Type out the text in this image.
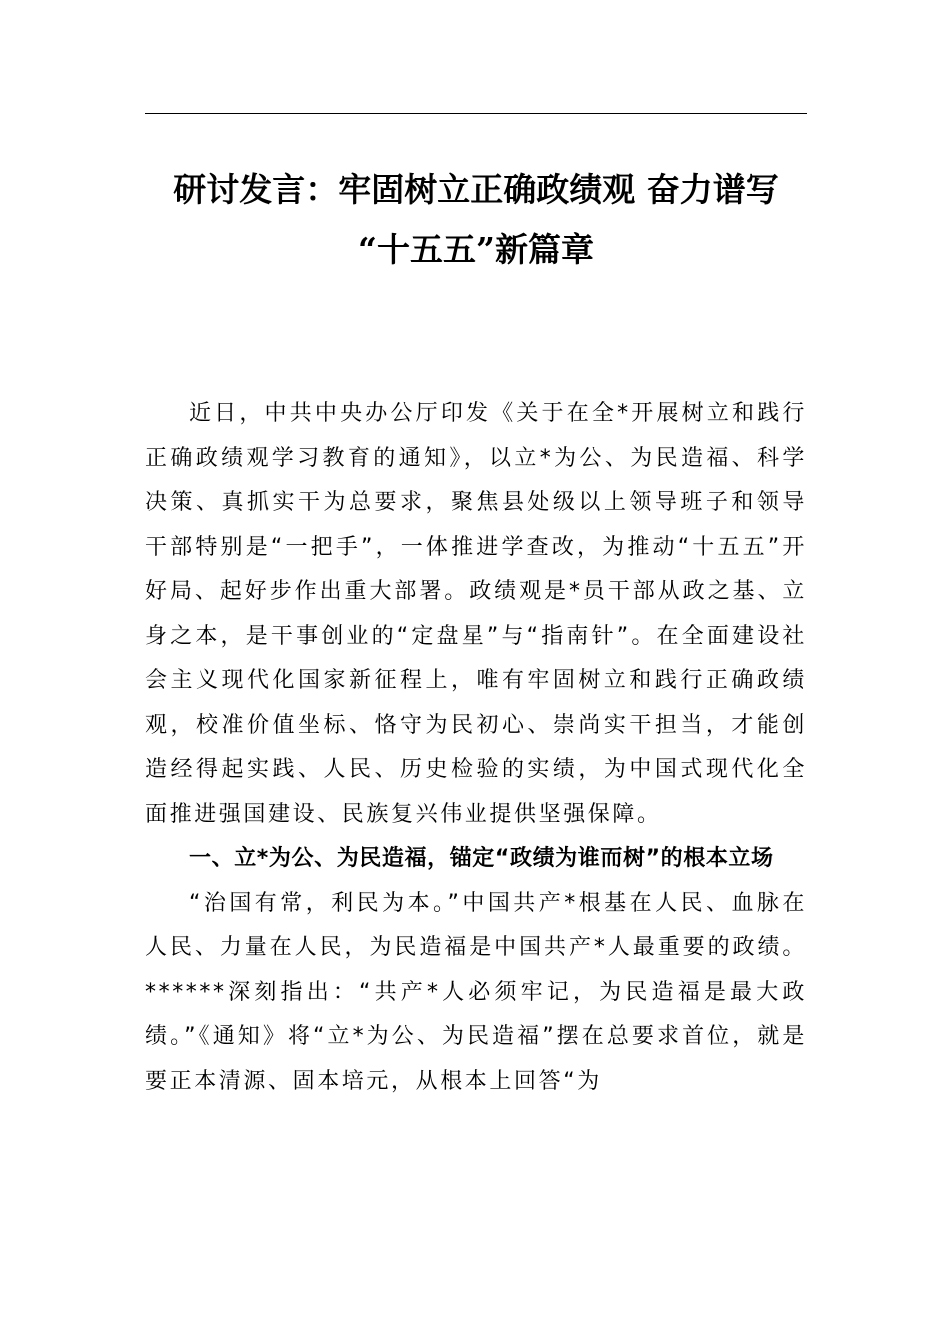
研讨发言：牢固树立正确政绩观 奋力谱写
“十五五”新篇章

近日，中共中央办公厅印发《关于在全*开展树立和践行正确政绩观学习教育的通知》，以立*为公、为民造福、科学决策、真抓实干为总要求，聚焦县处级以上领导班子和领导干部特别是“一把手”，一体推进学查改，为推动“十五五”开好局、起好步作出重大部署。政绩观是*员干部从政之基、立身之本，是干事创业的“定盘星”与“指南针”。在全面建设社会主义现代化国家新征程上，唯有牢固树立和践行正确政绩观，校准价值坐标、恪守为民初心、崇尚实干担当，才能创造经得起实践、人民、历史检验的实绩，为中国式现代化全面推进强国建设、民族复兴伟业提供坚强保障。

一、立*为公、为民造福，锚定“政绩为谁而树”的根本立场

“治国有常，利民为本。”中国共产*根基在人民、血脉在人民、力量在人民，为民造福是中国共产*人最重要的政绩。******深刻指出：“共产*人必须牢记，为民造福是最大政绩。”《通知》将“立*为公、为民造福”摆在总要求首位，就是要正本清源、固本培元，从根本上回答“为
